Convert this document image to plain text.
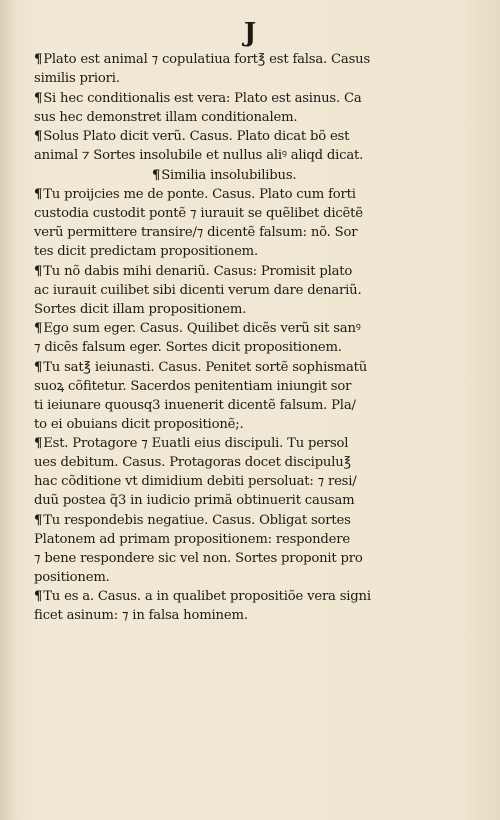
J
¶Plato est animal ⁊ copulatiua fort℥ est falsa. Casus
similis priori.
¶Si hec conditionalis est vera: Plato est asinus. Ca
sus hec demonstret illam conditionalem.
¶Solus Plato dicit verũ. Casus. Plato dicat bõ est
animal ⁊ Sortes insolubile et nullus aliꝰ aliqd dicat.
¶Similia insolubilibus.
¶Tu proijcies me de ponte. Casus. Plato cum forti
custodia custodit pontẽ ⁊ iurauit se quẽlibet dicẽtẽ
verũ permittere transire/⁊ dicentẽ falsum: nõ. Sor
tes dicit predictam propositionem.
¶Tu nõ dabis mihi denariũ. Casus: Promisit plato
ac iurauit cuilibet sibi dicenti verum dare denariũ.
Sortes dicit illam propositionem.
¶Ego sum eger. Casus. Quilibet dicẽs verũ sit sanꝰ
⁊ dicẽs falsum eger. Sortes dicit propositionem.
¶Tu sat℥ ieiunasti. Casus. Penitet sortẽ sophismatũ
suoꝝ cõfitetur. Sacerdos penitentiam iniungit sor
ti ieiunare quousq3 inuenerit dicentẽ falsum. Pla/
to ei obuians dicit propositionẽ;.
¶Est. Protagore ⁊ Euatli eius discipuli. Tu persol
ues debitum. Casus. Protagoras docet discipulu℥
hac cõditione vt dimidium debiti persoluat: ⁊ resi/
duũ postea q̃3 in iudicio primã obtinuerit causam
¶Tu respondebis negatiue. Casus. Obligat sortes
Platonem ad primam propositionem: respondere
⁊ bene respondere sic vel non. Sortes proponit pro
positionem.
¶Tu es a. Casus. a in qualibet propositiõe vera signi
ficet asinum: ⁊ in falsa hominem.
